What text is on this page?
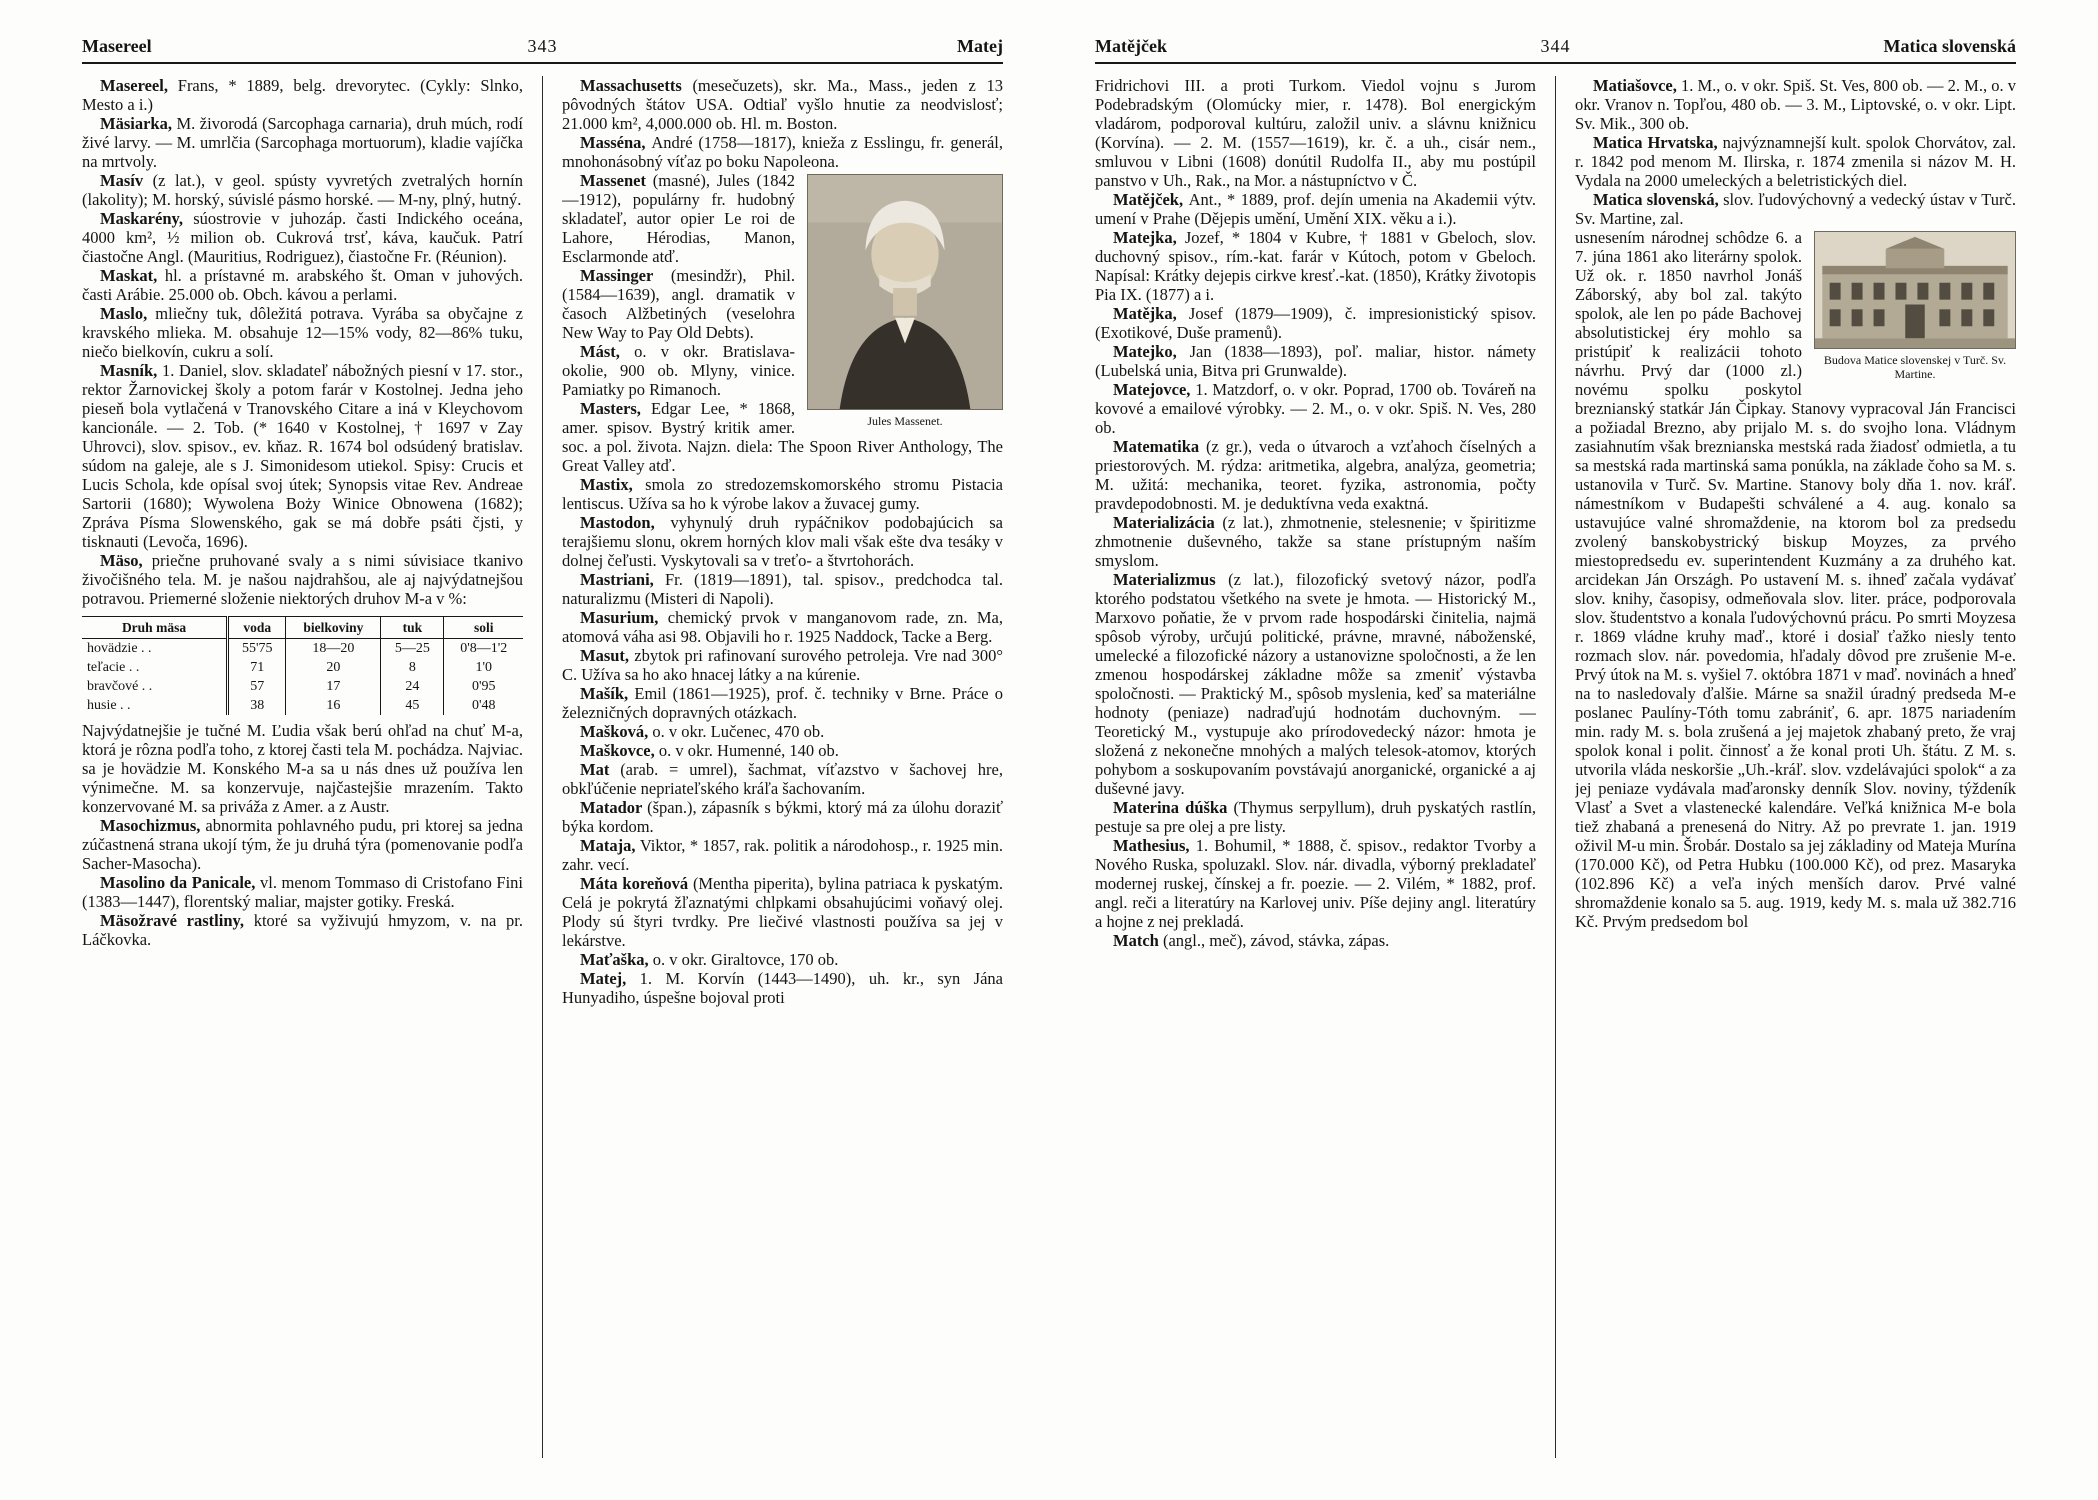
Masereel	343	Matej

Masereel, Frans, * 1889, belg. drevorytec. (Cykly: Slnko, Mesto a i.)

Mäsiarka, M. živorodá (Sarcophaga carnaria), druh múch, rodí živé larvy. — M. umrlčia (Sarcophaga mortuorum), kladie vajíčka na mrtvoly.

Masív (z lat.), v geol. spústy vyvretých zvetralých hornín (lakolity); M. horský, súvislé pásmo horské. — M-ny, plný, hutný.

Maskarény, súostrovie v juhozáp. časti Indického oceána, 4000 km², ½ milion ob. Cukrová trsť, káva, kaučuk. Patrí čiastočne Angl. (Mauritius, Rodriguez), čiastočne Fr. (Réunion).

Maskat, hl. a prístavné m. arabského št. Oman v juhových. časti Arábie. 25.000 ob. Obch. kávou a perlami.

Maslo, mliečny tuk, dôležitá potrava. Vyrába sa obyčajne z kravského mlieka. M. obsahuje 12—15% vody, 82—86% tuku, niečo bielkovín, cukru a solí.

Masník, 1. Daniel, slov. skladateľ nábožných piesní v 17. stor., rektor Žarnovickej školy a potom farár v Kostolnej. Jedna jeho pieseň bola vytlačená v Tranovského Citare a iná v Kleychovom kancionále. — 2. Tob. (* 1640 v Kostolnej, † 1697 v Zay Uhrovci), slov. spisov., ev. kňaz. R. 1674 bol odsúdený bratislav. súdom na galeje, ale s J. Simonidesom utiekol. Spisy: Crucis et Lucis Schola, kde opísal svoj útek; Synopsis vitae Rev. Andreae Sartorii (1680); Wywolena Boży Winice Obnowena (1682); Zpráva Písma Slowenského, gak se má dobře psáti čjsti, y tisknauti (Levoča, 1696).

Mäso, priečne pruhované svaly a s nimi súvisiace tkanivo živočišného tela. M. je našou najdrahšou, ale aj najvýdatnejšou potravou. Priemerné složenie niektorých druhov M-a v %:

Druh mäsa	voda	bielkoviny	tuk	soli
hovädzie . .	55'75	18—20	5—25	0'8—1'2
teľacie . .	71	20	8	1'0
bravčové . .	57	17	24	0'95
husie . .	38	16	45	0'48

Najvýdatnejšie je tučné M. Ľudia však berú ohľad na chuť M-a, ktorá je rôzna podľa toho, z ktorej časti tela M. pochádza. Najviac. sa je hovädzie M. Konského M-a sa u nás dnes už používa len výnimečne. M. sa konzervuje, najčastejšie mrazením. Takto konzervované M. sa priváža z Amer. a z Austr.

Masochizmus, abnormita pohlavného pudu, pri ktorej sa jedna zúčastnená strana ukojí tým, že ju druhá týra (pomenovanie podľa Sacher-Masocha).

Masolino da Panicale, vl. menom Tommaso di Cristofano Fini (1383—1447), florentský maliar, majster gotiky. Freská.

Mäsožravé rastliny, ktoré sa vyživujú hmyzom, v. na pr. Láčkovka.

Massachusetts (mesečuzets), skr. Ma., Mass., jeden z 13 pôvodných štátov USA. Odtiaľ vyšlo hnutie za neodvislosť; 21.000 km², 4,000.000 ob. Hl. m. Boston.

Masséna, André (1758—1817), knieža z Esslingu, fr. generál, mnohonásobný víťaz po boku Napoleona.

Jules Massenet.

Massenet (masné), Jules (1842—1912), populárny fr. hudobný skladateľ, autor opier Le roi de Lahore, Hérodias, Manon, Esclarmonde atď.

Massinger (mesindžr), Phil. (1584—1639), angl. dramatik v časoch Alžbetiných (veselohra New Way to Pay Old Debts).

Mást, o. v okr. Bratislava-okolie, 900 ob. Mlyny, vinice. Pamiatky po Rimanoch.

Masters, Edgar Lee, * 1868, amer. spisov. Bystrý kritik amer. soc. a pol. života. Najzn. diela: The Spoon River Anthology, The Great Valley atď.

Mastix, smola zo stredozemskomorského stromu Pistacia lentiscus. Užíva sa ho k výrobe lakov a žuvacej gumy.

Mastodon, vyhynulý druh rypáčnikov podobajúcich sa terajšiemu slonu, okrem horných klov mali však ešte dva tesáky v dolnej čeľusti. Vyskytovali sa v treťo- a štvrtohorách.

Mastriani, Fr. (1819—1891), tal. spisov., predchodca tal. naturalizmu (Misteri di Napoli).

Masurium, chemický prvok v manganovom rade, zn. Ma, atomová váha asi 98. Objavili ho r. 1925 Naddock, Tacke a Berg.

Masut, zbytok pri rafinovaní surového petroleja. Vre nad 300° C. Užíva sa ho ako hnacej látky a na kúrenie.

Mašík, Emil (1861—1925), prof. č. techniky v Brne. Práce o železničných dopravných otázkach.

Mašková, o. v okr. Lučenec, 470 ob.

Maškovce, o. v okr. Humenné, 140 ob.

Mat (arab. = umrel), šachmat, víťazstvo v šachovej hre, obkľúčenie nepriateľského kráľa šachovaním.

Matador (špan.), zápasník s býkmi, ktorý má za úlohu doraziť býka kordom.

Mataja, Viktor, * 1857, rak. politik a národohosp., r. 1925 min. zahr. vecí.

Máta koreňová (Mentha piperita), bylina patriaca k pyskatým. Celá je pokrytá žľaznatými chlpkami obsahujúcimi voňavý olej. Plody sú štyri tvrdky. Pre liečivé vlastnosti používa sa jej v lekárstve.

Maťaška, o. v okr. Giraltovce, 170 ob.

Matej, 1. M. Korvín (1443—1490), uh. kr., syn Jána Hunyadiho, úspešne bojoval proti

Matějček	344	Matica slovenská

Fridrichovi III. a proti Turkom. Viedol vojnu s Jurom Podebradským (Olomúcky mier, r. 1478). Bol energickým vladárom, podporoval kultúru, založil univ. a slávnu knižnicu (Korvína). — 2. M. (1557—1619), kr. č. a uh., cisár nem., smluvou v Libni (1608) donútil Rudolfa II., aby mu postúpil panstvo v Uh., Rak., na Mor. a nástupníctvo v Č.

Matějček, Ant., * 1889, prof. dejín umenia na Akademii výtv. umení v Prahe (Dějepis umění, Umění XIX. věku a i.).

Matejka, Jozef, * 1804 v Kubre, † 1881 v Gbeloch, slov. duchovný spisov., rím.-kat. farár v Kútoch, potom v Gbeloch. Napísal: Krátky dejepis cirkve kresť.-kat. (1850), Krátky životopis Pia IX. (1877) a i.

Matějka, Josef (1879—1909), č. impresionistický spisov. (Exotikové, Duše pramenů).

Matejko, Jan (1838—1893), poľ. maliar, histor. námety (Lubelská unia, Bitva pri Grunwalde).

Matejovce, 1. Matzdorf, o. v okr. Poprad, 1700 ob. Továreň na kovové a emailové výrobky. — 2. M., o. v okr. Spiš. N. Ves, 280 ob.

Matematika (z gr.), veda o útvaroch a vzťahoch číselných a priestorových. M. rýdza: aritmetika, algebra, analýza, geometria; M. užitá: mechanika, teoret. fyzika, astronomia, počty pravdepodobnosti. M. je deduktívna veda exaktná.

Materializácia (z lat.), zhmotnenie, stelesnenie; v špiritizme zhmotnenie duševného, takže sa stane prístupným naším smyslom.

Materializmus (z lat.), filozofický svetový názor, podľa ktorého podstatou všetkého na svete je hmota. — Historický M., Marxovo poňatie, že v prvom rade hospodárski činitelia, najmä spôsob výroby, určujú politické, právne, mravné, náboženské, umelecké a filozofické názory a ustanovizne spoločnosti, a že len zmenou hospodárskej základne môže sa zmeniť výstavba spoločnosti. — Praktický M., spôsob myslenia, keď sa materiálne hodnoty (peniaze) nadraďujú hodnotám duchovným. — Teoretický M., vystupuje ako prírodovedecký názor: hmota je složená z nekonečne mnohých a malých telesok-atomov, ktorých pohybom a soskupovaním povstávajú anorganické, organické a aj duševné javy.

Materina dúška (Thymus serpyllum), druh pyskatých rastlín, pestuje sa pre olej a pre listy.

Mathesius, 1. Bohumil, * 1888, č. spisov., redaktor Tvorby a Nového Ruska, spoluzakl. Slov. nár. divadla, výborný prekladateľ modernej ruskej, čínskej a fr. poezie. — 2. Vilém, * 1882, prof. angl. reči a literatúry na Karlovej univ. Píše dejiny angl. literatúry a hojne z nej prekladá.

Match (angl., meč), závod, stávka, zápas.

Matiašovce, 1. M., o. v okr. Spiš. St. Ves, 800 ob. — 2. M., o. v okr. Vranov n. Topľou, 480 ob. — 3. M., Liptovské, o. v okr. Lipt. Sv. Mik., 300 ob.

Matica Hrvatska, najvýznamnejší kult. spolok Chorvátov, zal. r. 1842 pod menom M. Ilirska, r. 1874 zmenila si názov M. H. Vydala na 2000 umeleckých a beletristických diel.

Matica slovenská, slov. ľudovýchovný a vedecký ústav v Turč. Sv. Martine, zal.

Budova Matice slovenskej v Turč. Sv. Martine.

usnesením národnej schôdze 6. a 7. júna 1861 ako literárny spolok. Už ok. r. 1850 navrhol Jonáš Záborský, aby bol zal. takýto spolok, ale len po páde Bachovej absolutistickej éry mohlo sa pristúpiť k realizácii tohoto návrhu. Prvý dar (1000 zl.) novému spolku poskytol breznianský statkár Ján Čipkay. Stanovy vypracoval Ján Francisci a požiadal Brezno, aby prijalo M. s. do svojho lona. Vládnym zasiahnutím však breznianska mestská rada žiadosť odmietla, a tu sa mestská rada martinská sama ponúkla, na základe čoho sa M. s. ustanovila v Turč. Sv. Martine. Stanovy boly dňa 1. nov. kráľ. námestníkom v Budapešti schválené a 4. aug. konalo sa ustavujúce valné shromaždenie, na ktorom bol za predsedu zvolený banskobystrický biskup Moyzes, za prvého miestopredsedu ev. superintendent Kuzmány a za druhého kat. arcidekan Ján Országh. Po ustavení M. s. ihneď začala vydávať slov. knihy, časopisy, odmeňovala slov. liter. práce, podporovala slov. študentstvo a konala ľudovýchovnú prácu. Po smrti Moyzesa r. 1869 vládne kruhy maď., ktoré i dosiaľ ťažko niesly tento rozmach slov. nár. povedomia, hľadaly dôvod pre zrušenie M-e. Prvý útok na M. s. vyšiel 7. októbra 1871 v maď. novinách a hneď na to nasledovaly ďalšie. Márne sa snažil úradný predseda M-e poslanec Paulíny-Tóth tomu zabrániť, 6. apr. 1875 nariadením min. rady M. s. bola zrušená a jej majetok zhabaný preto, že vraj spolok konal i polit. činnosť a že konal proti Uh. štátu. Z M. s. utvorila vláda neskoršie „Uh.-kráľ. slov. vzdelávajúci spolok“ a za jej peniaze vydávala maďaronsky denník Slov. noviny, týždeník Vlasť a Svet a vlastenecké kalendáre. Veľká knižnica M-e bola tiež zhabaná a prenesená do Nitry. Až po prevrate 1. jan. 1919 oživil M-u min. Šrobár. Dostalo sa jej základiny od Mateja Murína (170.000 Kč), od Petra Hubku (100.000 Kč), od prez. Masaryka (102.896 Kč) a veľa iných menších darov. Prvé valné shromaždenie konalo sa 5. aug. 1919, kedy M. s. mala už 382.716 Kč. Prvým predsedom bol
